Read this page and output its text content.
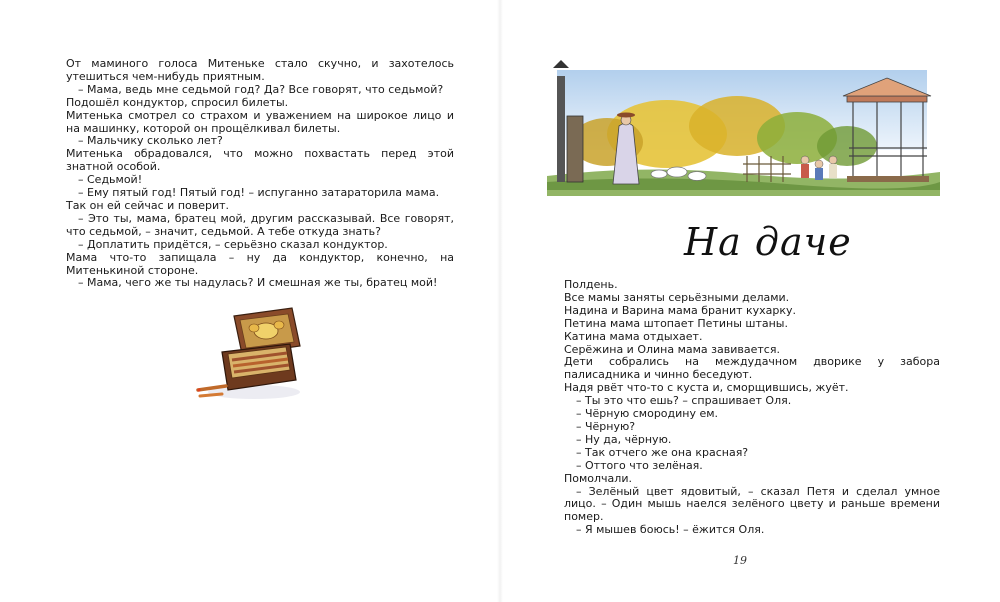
От маминого голоса Митеньке стало скучно, и захотелось утешиться чем-нибудь приятным.

– Мама, ведь мне седьмой год? Да? Все говорят, что седьмой?

Подошёл кондуктор, спросил билеты.

Митенька смотрел со страхом и уважением на широкое лицо и на машинку, которой он прощёлкивал билеты.

– Мальчику сколько лет?

Митенька обрадовался, что можно похвастать перед этой знатной особой.

– Седьмой!

– Ему пятый год! Пятый год! – испуганно затараторила мама.

Так он ей сейчас и поверит.

– Это ты, мама, братец мой, другим рассказывай. Все говорят, что седьмой, – значит, седьмой. А тебе откуда знать?

– Доплатить придётся, – серьёзно сказал кондуктор.

Мама что-то запищала – ну да кондуктор, конечно, на Митенькиной стороне.

– Мама, чего же ты надулась? И смешная же ты, братец мой!

На даче

Полдень.

Все мамы заняты серьёзными делами.

Надина и Варина мама бранит кухарку.

Петина мама штопает Петины штаны.

Катина мама отдыхает.

Серёжина и Олина мама завивается.

Дети собрались на междудачном дворике у забора палисадника и чинно беседуют.

Надя рвёт что-то с куста и, сморщившись, жуёт.

– Ты это что ешь? – спрашивает Оля.

– Чёрную смородину ем.

– Чёрную?

– Ну да, чёрную.

– Так отчего же она красная?

– Оттого что зелёная.

Помолчали.

– Зелёный цвет ядовитый, – сказал Петя и сделал умное лицо. – Один мышь наелся зелёного цвету и раньше времени помер.

– Я мышев боюсь! – ёжится Оля.

19
